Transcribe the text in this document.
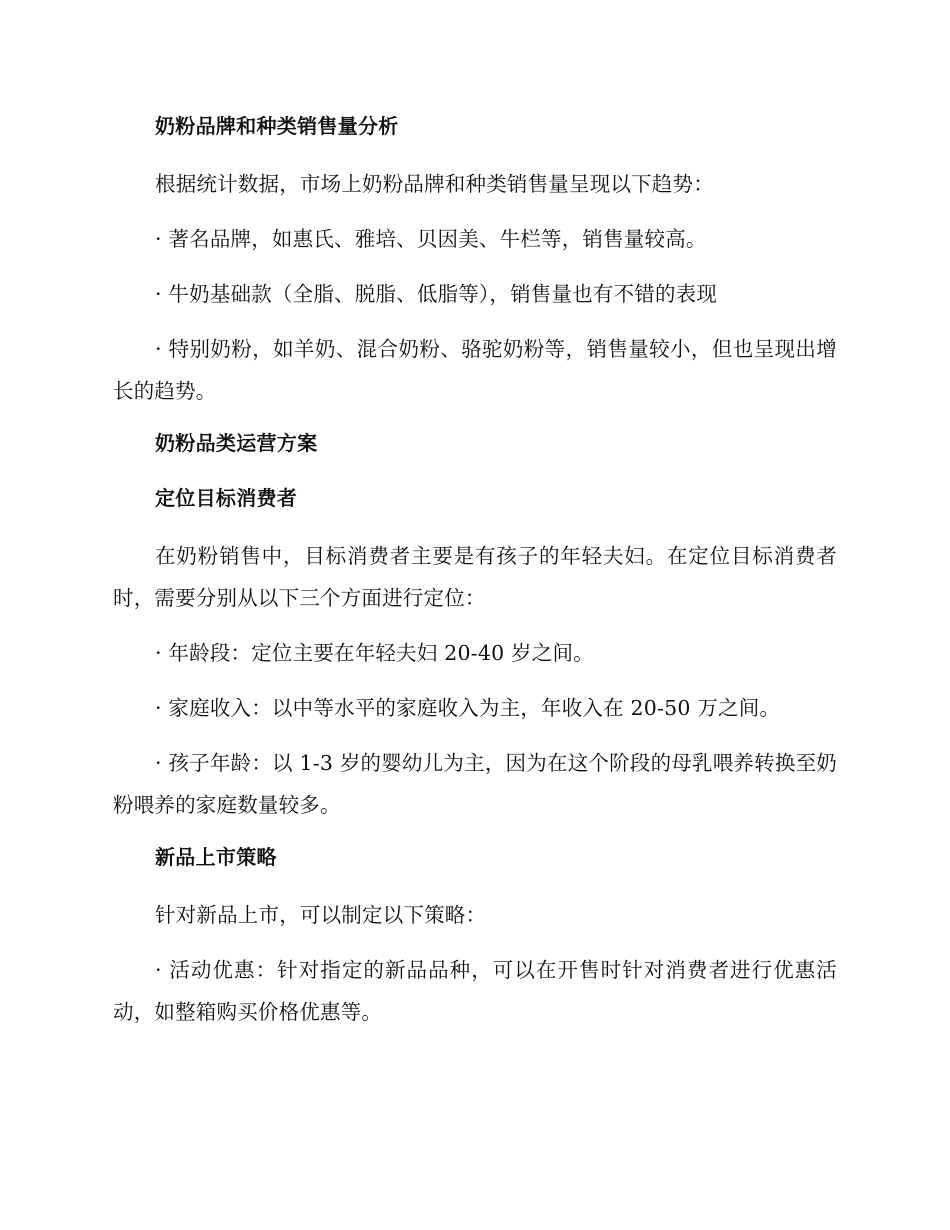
奶粉品牌和种类销售量分析

根据统计数据，市场上奶粉品牌和种类销售量呈现以下趋势：

· 著名品牌，如惠氏、雅培、贝因美、牛栏等，销售量较高。

· 牛奶基础款（全脂、脱脂、低脂等），销售量也有不错的表现

· 特别奶粉，如羊奶、混合奶粉、骆驼奶粉等，销售量较小，但也呈现出增长的趋势。

奶粉品类运营方案
定位目标消费者

在奶粉销售中，目标消费者主要是有孩子的年轻夫妇。在定位目标消费者时，需要分别从以下三个方面进行定位：

· 年龄段：定位主要在年轻夫妇 20-40 岁之间。

· 家庭收入：以中等水平的家庭收入为主，年收入在 20-50 万之间。

· 孩子年龄：以 1-3 岁的婴幼儿为主，因为在这个阶段的母乳喂养转换至奶粉喂养的家庭数量较多。

新品上市策略

针对新品上市，可以制定以下策略：

· 活动优惠：针对指定的新品品种，可以在开售时针对消费者进行优惠活动，如整箱购买价格优惠等。
